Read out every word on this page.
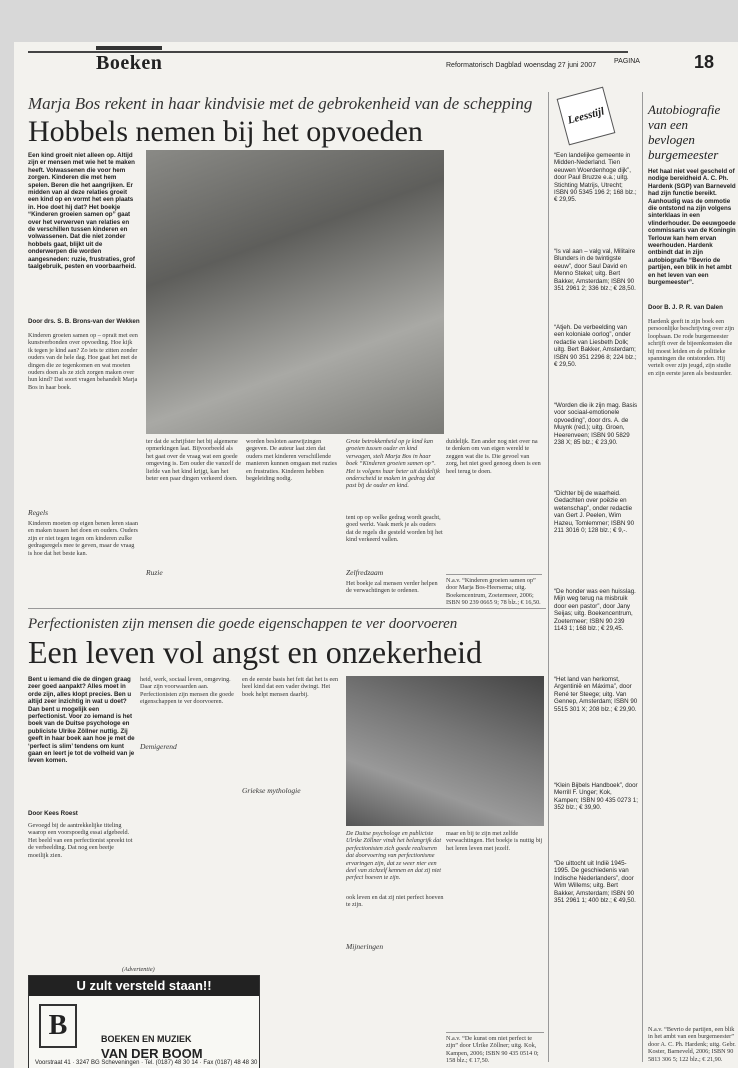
Boeken	Reformatorisch Dagblad woensdag 27 juni 2007
PAGINA	18
Marja Bos rekent in haar kindvisie met de gebrokenheid van de schepping
Hobbels nemen bij het opvoeden
Een kind groeit niet alleen op. Altijd zijn er mensen met wie het te maken heeft. Volwassenen die voor hem zorgen. Kinderen die met hem spelen. Beren die het aangrijken. Er midden van al deze relaties groeit een kind op en vormt het een plaats in. Hoe doet hij dat? Het boekje “Kinderen groeien samen op” gaat over het verwerven van relaties en de verschillen tussen kinderen en volwassenen. Dat die niet zonder hobbels gaat, blijkt uit de onderwerpen die worden aangesneden: ruzie, frustraties, grof taalgebruik, pesten en voorbaarheid.
Door drs. S. B. Brons-van der Wekken
Kinderen groeien samen op – oprait met een kunstverbonden over opvoeding. Hoe kijk ik tegen je kind aan? Zo iets te zitten zonder ouders van de hele dag. Hoe gaat het met de dingen die ze tegenkomen en wat moeten ouders doen als ze zich zorgen maken over hun kind? Dat soort vragen behandelt Marja Bos in haar boek.
Regels
Kinderen moeten op eigen benen leren staan en maken tussen het doen en ouders. Ouders zijn er niet tegen tegen om kinderen zulke gedragsregels mee te geven, maar de vraag is hoe dat het beste kan.
ter dat de schrijfster het bij algemene opmerkingen laat. Bijvoorbeeld als het gaat over de vraag wat een goede omgeving is. Een ouder die vanzelf de liefde van het kind krijgt, kan het beter een paar dingen verkeerd doen.
Ruzie
worden besloten aanwijzingen gegeven. De auteur laat zien dat ouders met kinderen verschillende manieren kunnen omgaan met ruzies en frustraties. Kinderen hebben begeleiding nodig.
Grote betrokkenheid op je kind kan groeien tussen ouder en kind verwagen, stelt Marja Bos in haar boek “Kinderen groeien samen op”. Het is volgens haar beter uit duidelijk onderscheid te maken in gedrag dat past bij de ouder en kind.
tent op op welke gedrag wordt geacht, goed werkt. Vaak merk je als ouders dat de regels die gesteld worden bij het kind verkeerd vallen.
Zelfredzaam
Het boekje zal mensen verder helpen de verwachtingen te ordenen.
duidelijk. Een ander nog niet over na te denken om van eigen wereld te zeggen wat die is. Die gevoel van zorg, het niet goed genoeg doen is een heel terug te doen.
N.a.v. “Kinderen groeien samen op” door Marja Bos-Heersema; uitg. Boekencentrum, Zoetermeer, 2006; ISBN 90 239 0665 9; 78 blz.; € 16,50.
Perfectionisten zijn mensen die goede eigenschappen te ver doorvoeren
Een leven vol angst en onzekerheid
Bent u iemand die de dingen graag zeer goed aanpakt? Alles moet in orde zijn, alles klopt precies. Ben u altijd zeer inzichtig in wat u doet? Dan bent u mogelijk een perfectionist. Voor zo iemand is het boek van de Duitse psychologe en publiciste Ulrike Zöllner nuttig. Zij geeft in haar boek aan hoe je met de ‘perfect is slim’ tendens om kunt gaan en leert je tot de volheid van je leven komen.
Door Kees Roest
Gevoegd bij de aantrekkelijke titeling waarop een voorspoedig essai afgebeeld. Het beeld van een perfectionist spreekt tot de verbeelding. Dat nog een beetje moeilijk zien.
heid, werk, sociaal leven, omgeving. Daar zijn voorwaarden aan. Perfectionisten zijn mensen die goede eigenschappen te ver doorvoeren.
Demigerend
en de eerste basis het feit dat het is een heel kind dat een vader dwingt. Het boek helpt mensen daarbij.
Griekse mythologie
De Duitse psychologe en publiciste Ulrike Zöllner vindt het belangrijk dat perfectionisten zich goede realiseren dat doorvoering van perfectionisme ervaringen zijn, dat ze weer nier een deel van zichzelf kennen en dat zij niet perfect hoeven te zijn.
ook leven en dat zij niet perfect hoeven te zijn.
Mijneringen
maar en bij te zijn met zelfde verwachtingen. Het boekje is nuttig bij het leren leven met jezelf.
N.a.v. “De kunst om niet perfect te zijn” door Ulrike Zöllner; uitg. Kok, Kampen, 2006; ISBN 90 435 0514 0; 158 blz.; € 17,50.
(Advertentie)
U zult versteld staan!!
B	BOEKEN EN MUZIEK
VAN DER BOOM
Voorstraat 41 · 3247 BG Scheveningen · Tel. (0187) 48 30 14 · Fax (0187) 48 48 30
Leesstijl
“Een landelijke gemeente in Midden-Nederland. Tien eeuwen Woerdenhoge dijk”, door Paul Bruzze e.a.; uitg. Stichting Matrijs, Utrecht; ISBN 90 5345 196 2; 168 blz.; € 29,95.
“Is val aan – valg val, Militaire Blunders in de twintigste eeuw”, door Saul David en Menno Stekel; uitg. Bert Bakker, Amsterdam; ISBN 90 351 2961 2; 336 blz.; € 28,50.
“Atjeh. De verbeelding van een koloniale oorlog”, onder redactie van Liesbeth Dolk; uitg. Bert Bakker, Amsterdam; ISBN 90 351 2296 8; 224 blz.; € 29,50.
“Worden die ik zijn mag. Basis voor sociaal-emotionele opvoeding”, door drs. A. de Muynk (red.); uitg. Groen, Heerenveen; ISBN 90 5829 238 X; 85 blz.; € 23,90.
“Dichter bij de waarheid. Gedachten over poëzie en wetenschap”, onder redactie van Gert J. Peelen, Wim Hazeu, Tomlemmer; ISBN 90 211 3016 0; 128 blz.; € 9,-.
“De honder was een huisslag. Mijn weg terug na misbruik door een pastor”, door Jany Seijas; uitg. Boekencentrum, Zoetermeer; ISBN 90 239 1143 1; 168 blz.; € 29,45.
“Het land van herkomst, Argentinië en Máxima”, door René ter Steege; uitg. Van Gennep, Amsterdam; ISBN 90 5515 301 X; 208 blz.; € 29,90.
“Klein Bijbels Handboek”, door Merrill F. Unger; Kok, Kampen; ISBN 90 435 0273 1; 352 blz.; € 39,90.
“De uittocht uit Indië 1945-1995. De geschiedenis van Indische Nederlanders”, door Wim Willems; uitg. Bert Bakker, Amsterdam; ISBN 90 351 2961 1; 400 blz.; € 49,50.
Autobiografie van een bevlogen burgemeester
Het haal niet veel gescheld of nodige bereidheid A. C. Ph. Hardenk (SGP) van Barneveld had zijn functie bereikt. Aanhoudig was de ommotie die ontstond na zijn volgens sinterklaas in een vlinderhouder. De eeuwgoede commissaris van de Koningin Terlouw kan hem ervan weerhouden. Hardenk ontbindt dat in zijn autobiografie “Bevrio de partijen, een blik in het ambt en het leven van een burgemeester”.
Door B. J. P. R. van Dalen
Hardenk geeft in zijn boek een persoonlijke beschrijving over zijn loopbaan. De rode burgemeester schrijft over de bijeenkomsten die hij moest leiden en de politieke spanningen die ontstonden. Hij vertelt over zijn jeugd, zijn studie en zijn eerste jaren als bestuurder.
N.a.v. “Bevrio de partijen, een blik in het ambt van een burgemeester” door A. C. Ph. Hardenk; uitg. Gebr. Koster, Barneveld, 2006; ISBN 90 5813 306 5; 122 blz.; € 21,90.
